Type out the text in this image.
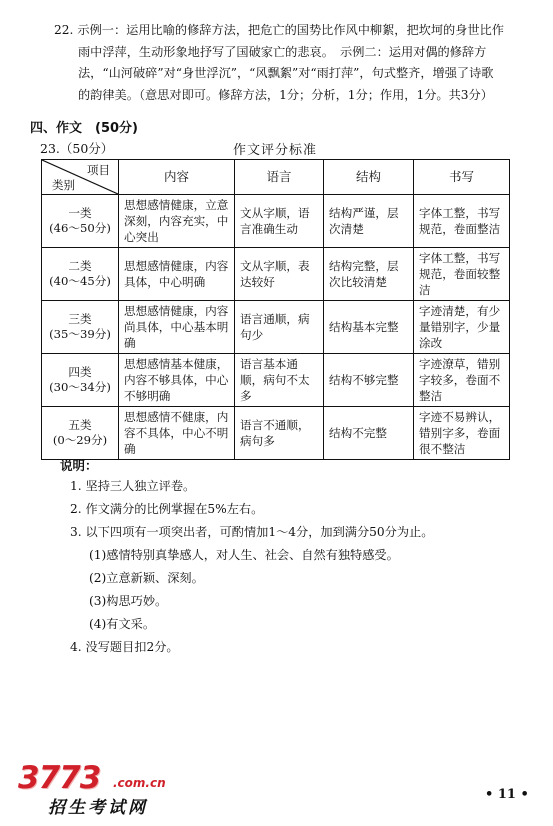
22. 示例一：运用比喻的修辞方法，把危亡的国势比作风中柳絮，把坎坷的身世比作
雨中浮萍，生动形象地抒写了国破家亡的悲哀。　示例二：运用对偶的修辞方
法，“山河破碎”对“身世浮沉”，“风飘絮”对“雨打萍”，句式整齐，增强了诗歌
的韵律美。（意思对即可。修辞方法，1分；分析，1分；作用，1分。共3分）
四、作文　(50分)
23.（50分）	作文评分标准
项目
类别	内容	语言	结构	书写

一类
(46～50分)	思想感情健康，立意深刻，内容充实，中心突出	文从字顺，语言准确生动	结构严谨，层次清楚	字体工整，书写规范，卷面整洁

二类
(40～45分)	思想感情健康，内容具体，中心明确	文从字顺，表达较好	结构完整，层次比较清楚	字体工整，书写规范，卷面较整洁

三类
(35～39分)	思想感情健康，内容尚具体，中心基本明确	语言通顺，病句少	结构基本完整	字迹清楚，有少量错别字，少量涂改

四类
(30～34分)	思想感情基本健康，内容不够具体，中心不够明确	语言基本通顺，病句不太多	结构不够完整	字迹潦草，错别字较多，卷面不整洁

五类
(0～29分)	思想感情不健康，内容不具体，中心不明确	语言不通顺，病句多	结构不完整	字迹不易辨认，错别字多，卷面很不整洁
说明：
1. 坚持三人独立评卷。
2. 作文满分的比例掌握在5%左右。
3. 以下四项有一项突出者，可酌情加1～4分，加到满分50分为止。
(1)感情特别真挚感人，对人生、社会、自然有独特感受。
(2)立意新颖、深刻。
(3)构思巧妙。
(4)有文采。
4. 没写题目扣2分。
3773 .com.cn
招生考试网
• 11 •
